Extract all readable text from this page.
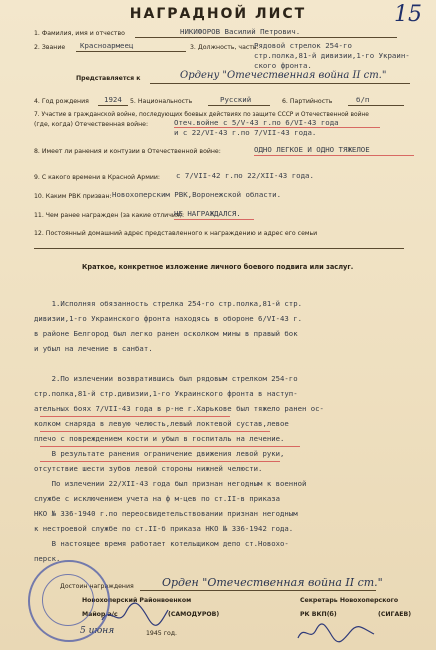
НАГРАДНОЙ ЛИСТ	15
1. Фамилия, имя и отчество	НИКИФОРОВ Василий Петрович.
2. Звание Красноармеец	3. Должность, часть:
Рядовой стрелок 254-го
стр.полка,81-й дивизии,1-го Украин-
ского фронта.
Представляется к	Ордену "Отечественная война II ст."
4. Год рождения 1924 5. Национальность	Русский	6. Партийность	б/п
7. Участие в гражданской войне, последующих боевых действиях по защите СССР и Отечественной войне
(где, когда) Отечественная войне:	Отеч.войне с 5/V-43 г.по 6/VI-43 года
и с 22/VI-43 г.по 7/VII-43 года.
8. Имеет ли ранения и контузии в Отечественной войне:	ОДНО ЛЕГКОЕ И ОДНО ТЯЖЕЛОЕ
9. С какого времени в Красной Армии: с 7/VII-42 г.по 22/XII-43 года.
10. Каким РВК призван: Новохоперским РВК,Воронежской области.
11. Чем ранее награжден (за какие отличия):
НЕ НАГРАЖДАЛСЯ.
12. Постоянный домашний адрес представленного к награждению и адрес его семьи
Краткое, конкретное изложение личного боевого подвига или заслуг.
1.Исполняя обязанность стрелка 254-го стр.полка,81-й стр.
дивизии,1-го Украинского фронта находясь в обороне 6/VI-43 г.
в районе Белгород был легко ранен осколком мины в правый бок
и убыл на лечение в санбат.
2.По излечении возвратившись был рядовым стрелком 254-го
стр.полка,81-й стр.дивизии,1-го Украинского фронта в наступ-
ательных боях 7/VII-43 года в р-не г.Харькове был тяжело ранен ос-
колком снаряда в левую челюсть,левый локтевой сустав,левое
плечо с повреждением кости и убыл в госпиталь на лечение.
В результате ранения ограничение движения левой руки,
отсутствие шести зубов левой стороны нижней челюсти.
По излечении 22/XII-43 года был признан негодным к военной
службе с исключением учета на ф м-цев по ст.II-в приказа
НКО № 336-1940 г.по переосвидетельствовании признан негодным
к нестроевой службе по ст.II-б приказа НКО № 336-1942 года.
В настоящее время работает котельщиком депо ст.Новохо-
перск.
Достоин награждения	Орден "Отечественная война II ст."
Новохоперский Районвоенком
Майор а/с	(САМОДУРОВ)
5 июня	1945 год.
Секретарь Новохоперского
РК ВКП(б)	(СИГАЕВ)
